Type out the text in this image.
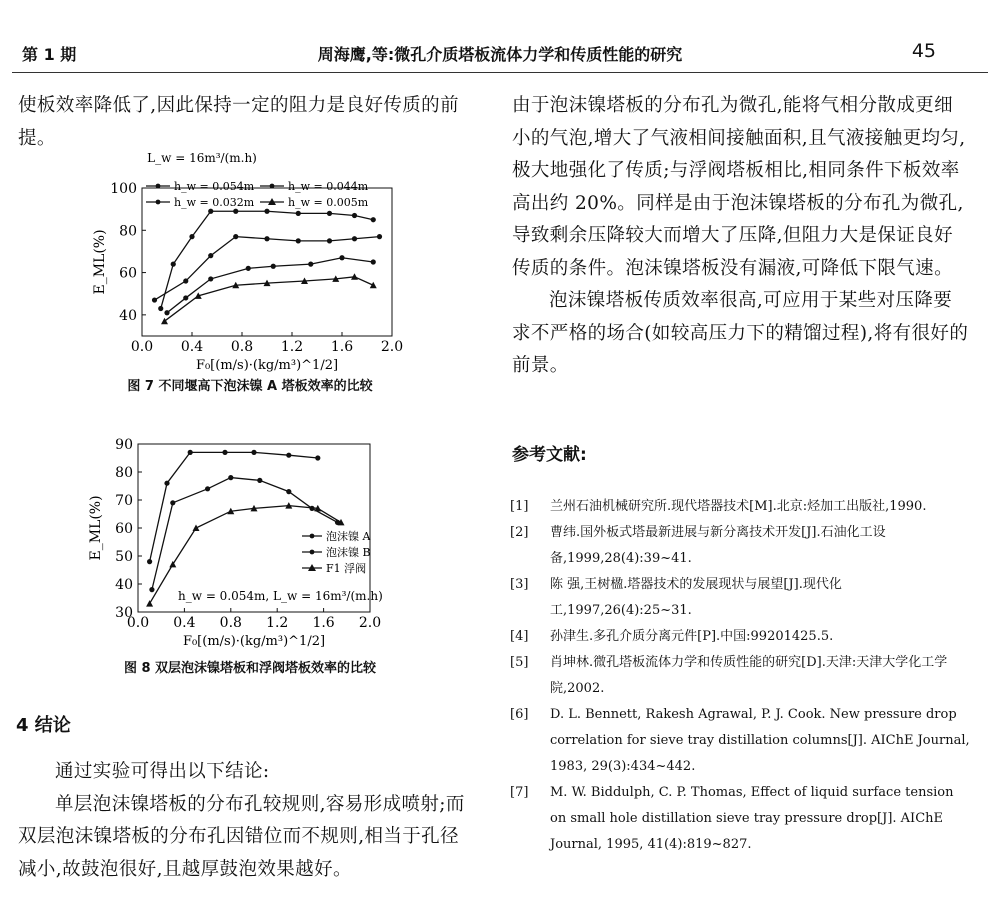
第 1 期	周海鹰,等:微孔介质塔板流体力学和传质性能的研究	45

使板效率降低了,因此保持一定的阻力是良好传质的前提。

L_w = 16m³/(m.h)
0.0 0.4 0.8 1.2 1.6 2.0
40
60
80
100
F₀[(m/s)·(kg/m³)^1/2]
E_ML(%)
h_w = 0.054m	h_w = 0.044m
h_w = 0.032m	h_w = 0.005m
图 7 不同堰高下泡沫镍 A 塔板效率的比较
0.0 0.4 0.8 1.2 1.6 2.0
30
40
50
60
70
80
90
F₀[(m/s)·(kg/m³)^1/2]
E_ML(%)	泡沫镍 A
泡沫镍 B
F1 浮阀
h_w = 0.054m, L_w = 16m³/(m.h)
图 8 双层泡沫镍塔板和浮阀塔板效率的比较
4 结论

通过实验可得出以下结论:

单层泡沫镍塔板的分布孔较规则,容易形成喷射;而双层泡沫镍塔板的分布孔因错位而不规则,相当于孔径减小,故鼓泡很好,且越厚鼓泡效果越好。

由于泡沫镍塔板的分布孔为微孔,能将气相分散成更细小的气泡,增大了气液相间接触面积,且气液接触更均匀,极大地强化了传质;与浮阀塔板相比,相同条件下板效率高出约 20%。同样是由于泡沫镍塔板的分布孔为微孔,导致剩余压降较大而增大了压降,但阻力大是保证良好传质的条件。泡沫镍塔板没有漏液,可降低下限气速。

泡沫镍塔板传质效率很高,可应用于某些对压降要求不严格的场合(如较高压力下的精馏过程),将有很好的前景。

参考文献:
[1]	兰州石油机械研究所.现代塔器技术[M].北京:烃加工出版社,1990.
[2]	曹纬.国外板式塔最新进展与新分离技术开发[J].石油化工设备,1999,28(4):39~41.
[3]	陈 强,王树楹.塔器技术的发展现状与展望[J].现代化工,1997,26(4):25~31.
[4]	孙津生.多孔介质分离元件[P].中国:99201425.5.
[5]	肖坤林.微孔塔板流体力学和传质性能的研究[D].天津:天津大学化工学院,2002.
[6]	D. L. Bennett, Rakesh Agrawal, P. J. Cook. New pressure drop correlation for sieve tray distillation columns[J]. AIChE Journal, 1983, 29(3):434~442.
[7]	M. W. Biddulph, C. P. Thomas, Effect of liquid surface tension on small hole distillation sieve tray pressure drop[J]. AIChE Journal, 1995, 41(4):819~827.
